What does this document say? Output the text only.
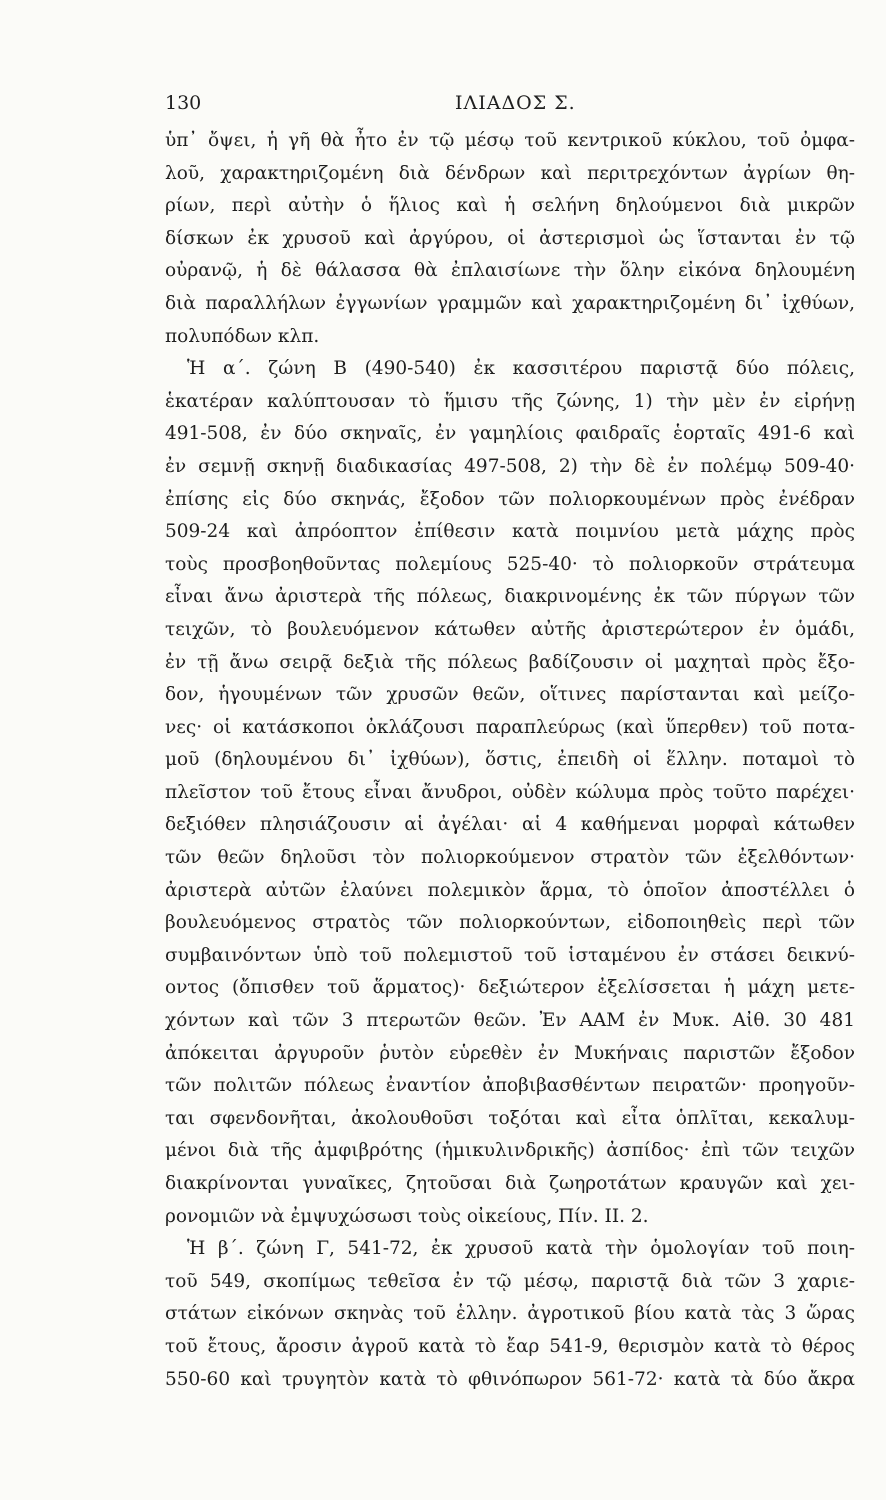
130	ΙΛΙΑΔΟΣ Σ.
ὑπ᾽ ὄψει, ἡ γῆ θὰ ἦτο ἐν τῷ μέσῳ τοῦ κεντρικοῦ κύκλου, τοῦ ὀμφα-
λοῦ, χαρακτηριζομένη διὰ δένδρων καὶ περιτρεχόντων ἀγρίων θη-
ρίων, περὶ αὐτὴν ὁ ἥλιος καὶ ἡ σελήνη δηλούμενοι διὰ μικρῶν
δίσκων ἐκ χρυσοῦ καὶ ἀργύρου, οἱ ἀστερισμοὶ ὡς ἵστανται ἐν τῷ
οὐρανῷ, ἡ δὲ θάλασσα θὰ ἐπλαισίωνε τὴν ὅλην εἰκόνα δηλουμένη
διὰ παραλλήλων ἐγγωνίων γραμμῶν καὶ χαρακτηριζομένη δι᾽ ἰχθύων,
πολυπόδων κλπ.
Ἡ α΄. ζώνη Β (490-540) ἐκ κασσιτέρου παριστᾷ δύο πόλεις,
ἑκατέραν καλύπτουσαν τὸ ἥμισυ τῆς ζώνης, 1) τὴν μὲν ἐν εἰρήνῃ
491-508, ἐν δύο σκηναῖς, ἐν γαμηλίοις φαιδραῖς ἑορταῖς 491-6 καὶ
ἐν σεμνῇ σκηνῇ διαδικασίας 497-508, 2) τὴν δὲ ἐν πολέμῳ 509-40·
ἐπίσης εἰς δύο σκηνάς, ἔξοδον τῶν πολιορκουμένων πρὸς ἐνέδραν
509-24 καὶ ἀπρόοπτον ἐπίθεσιν κατὰ ποιμνίου μετὰ μάχης πρὸς
τοὺς προσβοηθοῦντας πολεμίους 525-40· τὸ πολιορκοῦν στράτευμα
εἶναι ἄνω ἀριστερὰ τῆς πόλεως, διακρινομένης ἐκ τῶν πύργων τῶν
τειχῶν, τὸ βουλευόμενον κάτωθεν αὐτῆς ἀριστερώτερον ἐν ὁμάδι,
ἐν τῇ ἄνω σειρᾷ δεξιὰ τῆς πόλεως βαδίζουσιν οἱ μαχηταὶ πρὸς ἔξο-
δον, ἡγουμένων τῶν χρυσῶν θεῶν, οἵτινες παρίστανται καὶ μείζο-
νες· οἱ κατάσκοποι ὀκλάζουσι παραπλεύρως (καὶ ὕπερθεν) τοῦ ποτα-
μοῦ (δηλουμένου δι᾽ ἰχθύων), ὅστις, ἐπειδὴ οἱ ἕλλην. ποταμοὶ τὸ
πλεῖστον τοῦ ἔτους εἶναι ἄνυδροι, οὐδὲν κώλυμα πρὸς τοῦτο παρέχει·
δεξιόθεν πλησιάζουσιν αἱ ἀγέλαι· αἱ 4 καθήμεναι μορφαὶ κάτωθεν
τῶν θεῶν δηλοῦσι τὸν πολιορκούμενον στρατὸν τῶν ἐξελθόντων·
ἀριστερὰ αὐτῶν ἐλαύνει πολεμικὸν ἅρμα, τὸ ὁποῖον ἀποστέλλει ὁ
βουλευόμενος στρατὸς τῶν πολιορκούντων, εἰδοποιηθεὶς περὶ τῶν
συμβαινόντων ὑπὸ τοῦ πολεμιστοῦ τοῦ ἱσταμένου ἐν στάσει δεικνύ-
οντος (ὄπισθεν τοῦ ἅρματος)· δεξιώτερον ἐξελίσσεται ἡ μάχη μετε-
χόντων καὶ τῶν 3 πτερωτῶν θεῶν. Ἐν ΑΑΜ ἐν Μυκ. Αἰθ. 30 481
ἀπόκειται ἀργυροῦν ῥυτὸν εὑρεθὲν ἐν Μυκήναις παριστῶν ἔξοδον
τῶν πολιτῶν πόλεως ἐναντίον ἀποβιβασθέντων πειρατῶν· προηγοῦν-
ται σφενδονῆται, ἀκολουθοῦσι τοξόται καὶ εἶτα ὁπλῖται, κεκαλυμ-
μένοι διὰ τῆς ἀμφιβρότης (ἡμικυλινδρικῆς) ἀσπίδος· ἐπὶ τῶν τειχῶν
διακρίνονται γυναῖκες, ζητοῦσαι διὰ ζωηροτάτων κραυγῶν καὶ χει-
ρονομιῶν νὰ ἐμψυχώσωσι τοὺς οἰκείους, Πίν. ΙΙ. 2.
Ἡ β΄. ζώνη Γ, 541-72, ἐκ χρυσοῦ κατὰ τὴν ὁμολογίαν τοῦ ποιη-
τοῦ 549, σκοπίμως τεθεῖσα ἐν τῷ μέσῳ, παριστᾷ διὰ τῶν 3 χαριε-
στάτων εἰκόνων σκηνὰς τοῦ ἑλλην. ἀγροτικοῦ βίου κατὰ τὰς 3 ὥρας
τοῦ ἔτους, ἄροσιν ἀγροῦ κατὰ τὸ ἔαρ 541-9, θερισμὸν κατὰ τὸ θέρος
550-60 καὶ τρυγητὸν κατὰ τὸ φθινόπωρον 561-72· κατὰ τὰ δύο ἄκρα
